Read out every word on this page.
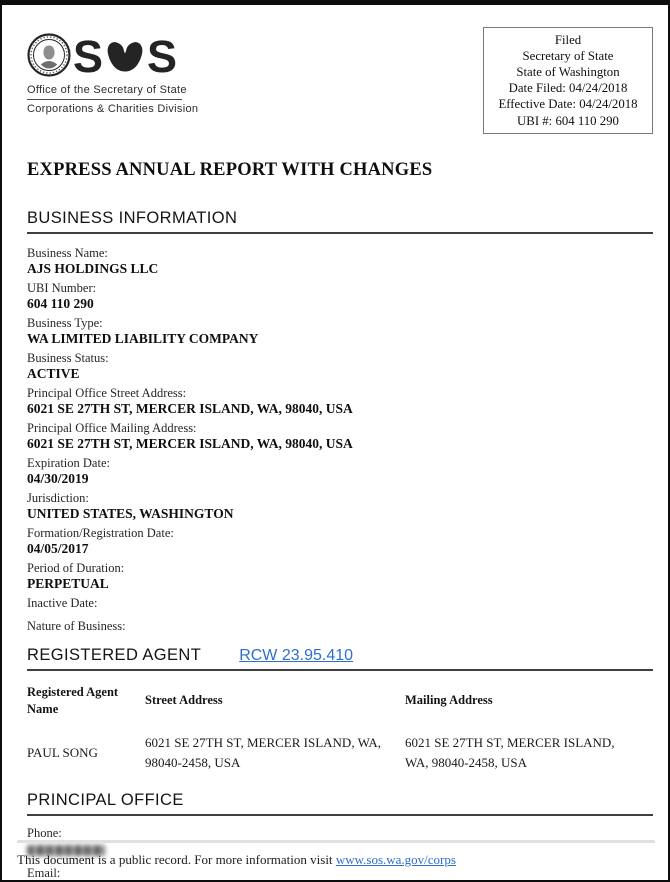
S S
Office of the Secretary of State
Corporations & Charities Division
Filed
Secretary of State
State of Washington
Date Filed: 04/24/2018
Effective Date: 04/24/2018
UBI #: 604 110 290
EXPRESS ANNUAL REPORT WITH CHANGES
BUSINESS INFORMATION
Business Name:
AJS HOLDINGS LLC
UBI Number:
604 110 290
Business Type:
WA LIMITED LIABILITY COMPANY
Business Status:
ACTIVE
Principal Office Street Address:
6021 SE 27TH ST, MERCER ISLAND, WA, 98040, USA
Principal Office Mailing Address:
6021 SE 27TH ST, MERCER ISLAND, WA, 98040, USA
Expiration Date:
04/30/2019
Jurisdiction:
UNITED STATES, WASHINGTON
Formation/Registration Date:
04/05/2017
Period of Duration:
PERPETUAL
Inactive Date:
Nature of Business:
REGISTERED AGENT RCW 23.95.410
Registered Agent Name
Street Address	Mailing Address
PAUL SONG
6021 SE 27TH ST, MERCER ISLAND, WA, 98040-2458, USA
6021 SE 27TH ST, MERCER ISLAND, WA, 98040-2458, USA
PRINCIPAL OFFICE
Phone:
Email:
This document is a public record. For more information visit www.sos.wa.gov/corps
